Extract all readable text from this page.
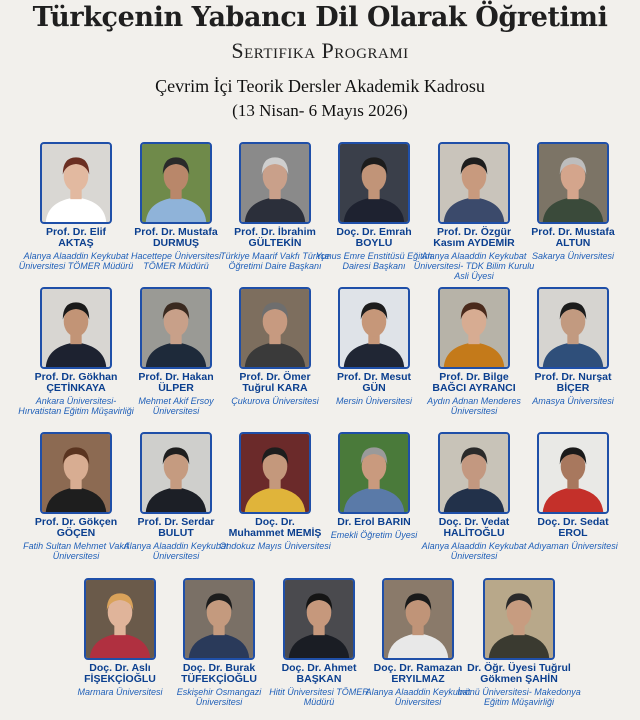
Türkçenin Yabancı Dil Olarak Öğretimi
Sertifika Programı
Çevrim İçi Teorik Dersler Akademik Kadrosu
(13 Nisan- 6 Mayıs 2026)
Prof. Dr. Elif
AKTAŞ
Alanya Alaaddin Keykubat Üniversitesi TÖMER Müdürü
Prof. Dr. Mustafa
DURMUŞ
Hacettepe Üniversitesi TÖMER Müdürü
Prof. Dr. İbrahim
GÜLTEKİN
Türkiye Maarif Vakfı Türkçe Öğretimi Daire Başkanı
Doç. Dr. Emrah
BOYLU
Yunus Emre Enstitüsü Eğitim Dairesi Başkanı
Prof. Dr. Özgür
Kasım AYDEMİR
Alanya Alaaddin Keykubat Üniversitesi- TDK Bilim Kurulu Asli Üyesi
Prof. Dr. Mustafa
ALTUN
Sakarya Üniversitesi
Prof. Dr. Gökhan
ÇETİNKAYA
Ankara Üniversitesi- Hırvatistan Eğitim Müşavirliği
Prof. Dr. Hakan
ÜLPER
Mehmet Akif Ersoy Üniversitesi
Prof. Dr. Ömer
Tuğrul KARA
Çukurova Üniversitesi
Prof. Dr. Mesut
GÜN
Mersin Üniversitesi
Prof. Dr. Bilge
BAĞCI AYRANCI
Aydın Adnan Menderes Üniversitesi
Prof. Dr. Nurşat
BİÇER
Amasya Üniversitesi
Prof. Dr. Gökçen
GÖÇEN
Fatih Sultan Mehmet Vakıf Üniversitesi
Prof. Dr. Serdar
BULUT
Alanya Alaaddin Keykubat Üniversitesi
Doç. Dr.
Muhammet MEMİŞ
Ondokuz Mayıs Üniversitesi
Dr. Erol BARIN
Emekli Öğretim Üyesi
Doç. Dr. Vedat
HALİTOĞLU
Alanya Alaaddin Keykubat Üniversitesi
Doç. Dr. Sedat
EROL
Adıyaman Üniversitesi
Doç. Dr. Aslı
FİŞEKÇİOĞLU
Marmara Üniversitesi
Doç. Dr. Burak
TÜFEKÇİOĞLU
Eskişehir Osmangazi Üniversitesi
Doç. Dr. Ahmet
BAŞKAN
Hitit Üniversitesi TÖMER Müdürü
Doç. Dr. Ramazan
ERYILMAZ
Alanya Alaaddin Keykubat Üniversitesi
Dr. Öğr. Üyesi Tuğrul
Gökmen ŞAHİN
İnönü Üniversitesi- Makedonya Eğitim Müşavirliği
